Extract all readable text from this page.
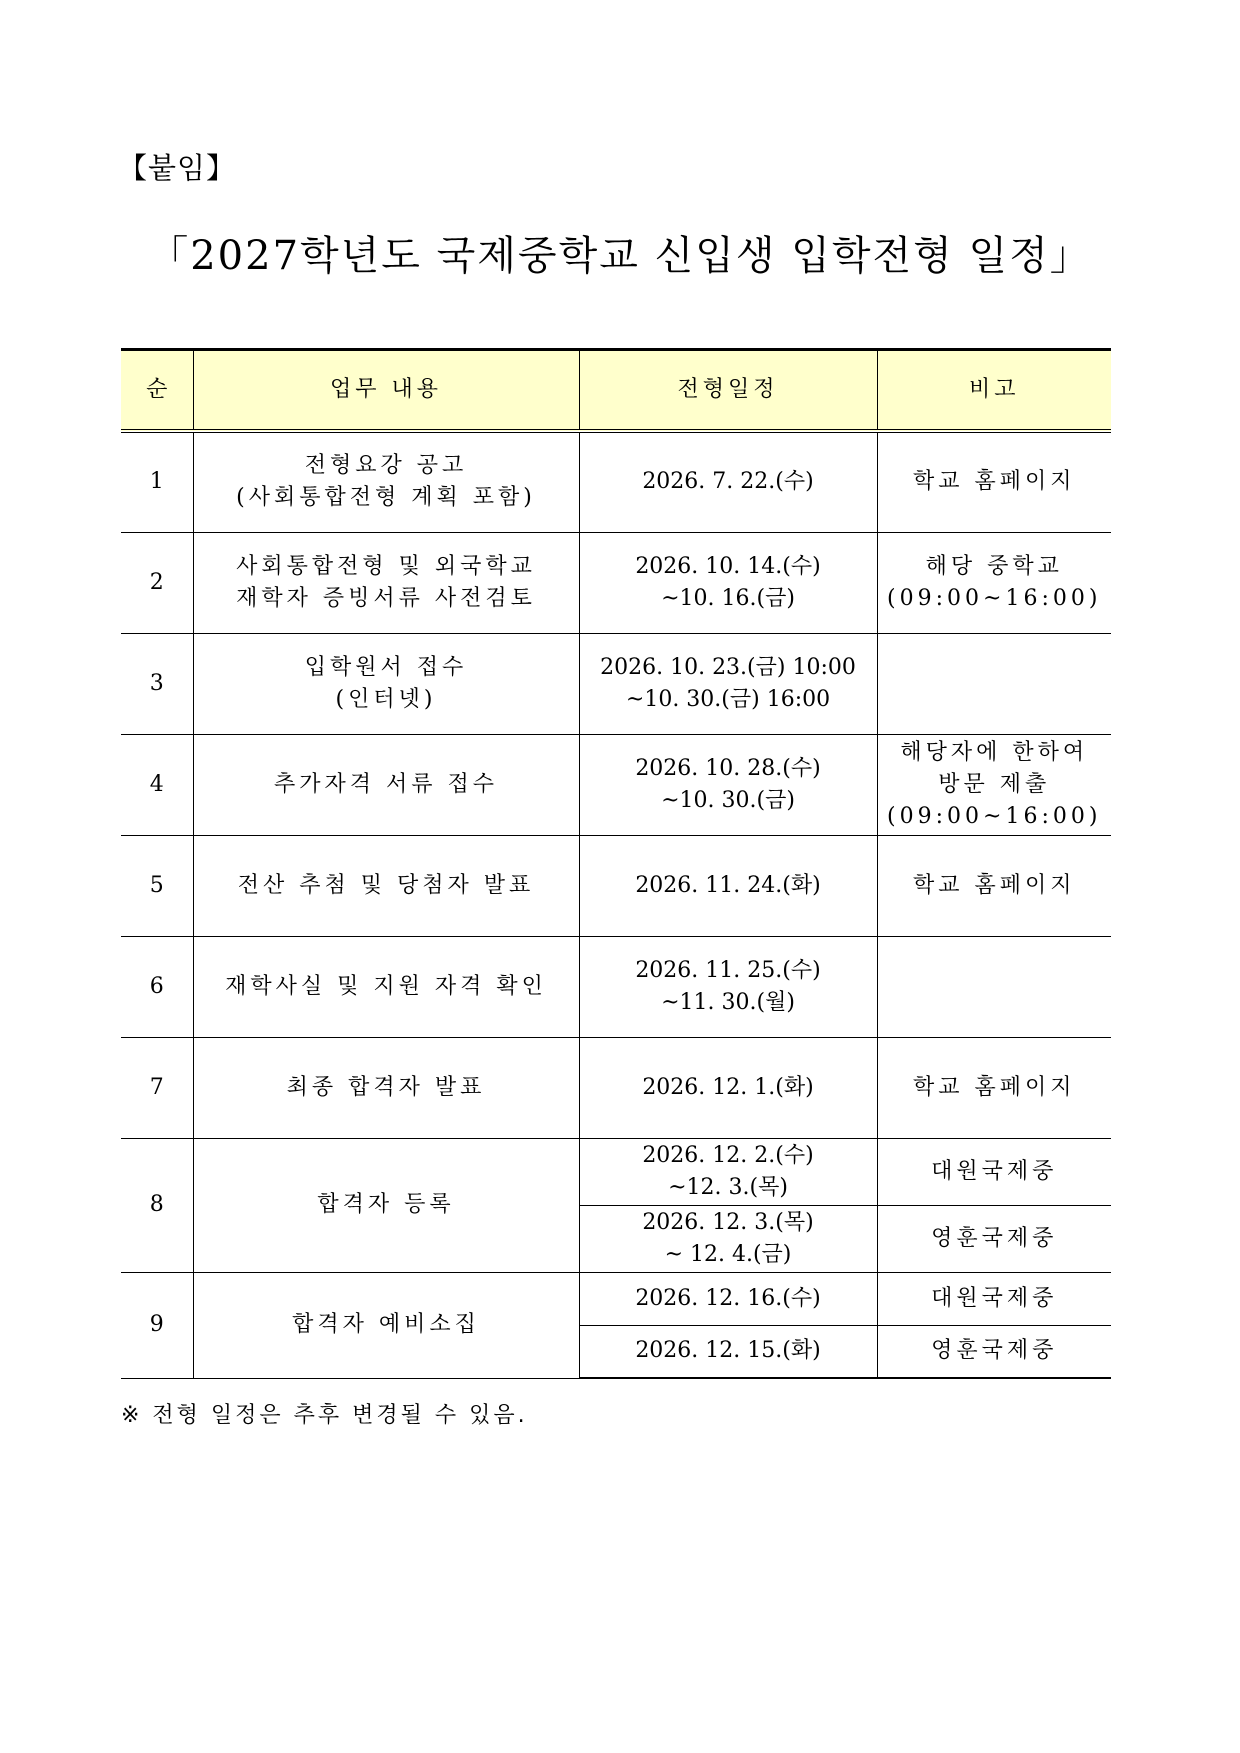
【붙임】
「2027학년도 국제중학교 신입생 입학전형 일정」
순	업무 내용	전형일정	비고
1	전형요강 공고
(사회통합전형 계획 포함)	2026. 7. 22.(수)	학교 홈페이지

2	사회통합전형 및 외국학교
재학자 증빙서류 사전검토	2026. 10. 14.(수)
~10. 16.(금)	해당 중학교
(09:00~16:00)

3	입학원서 접수
(인터넷)	2026. 10. 23.(금) 10:00
~10. 30.(금) 16:00	

4	추가자격 서류 접수	2026. 10. 28.(수)
~10. 30.(금)	해당자에 한하여
방문 제출
(09:00~16:00)

5	전산 추첨 및 당첨자 발표	2026. 11. 24.(화)	학교 홈페이지

6	재학사실 및 지원 자격 확인	2026. 11. 25.(수)
~11. 30.(월)	

7	최종 합격자 발표	2026. 12. 1.(화)	학교 홈페이지

8	합격자 등록	2026. 12. 2.(수)
~12. 3.(목)	대원국제중

		2026. 12. 3.(목)
~ 12. 4.(금)	영훈국제중
9	합격자 예비소집	2026. 12. 16.(수)	대원국제중
		2026. 12. 15.(화)	영훈국제중
※ 전형 일정은 추후 변경될 수 있음.
